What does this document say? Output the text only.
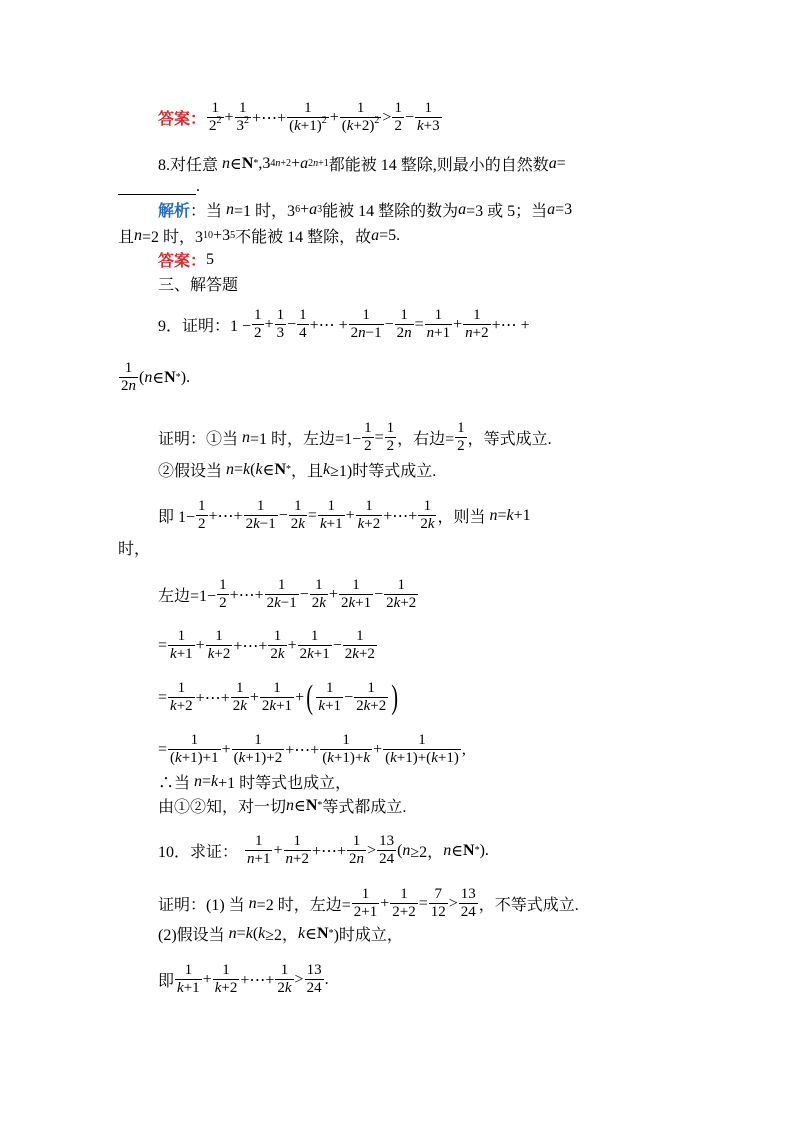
答案：
1
$2^2$ +
1
$3^2$ +⋯+
1
$(k+1)^2$ +
1
$(k+2)^2$ >
1
2
−
1
k+3
8.对任意 n ∈ N * ,3 4n+2 + a 2n+1 都能被 14 整除,则最小的自然数 a =
.
解析 ：当 n =1 时，3 6 + a 3 能被 14 整除的数为 a =3 或 5；当 a =3
且 n =2 时，3 10 +3 5 不能被 14 整除，故 a =5.
答案： 5
三、解答题
9．证明：1 −
1
2
+
1
3
−
1
4 +⋯ +
1
2n−1
−
1
2n
=
1
n+1
+
1
n+2 +⋯ +
1
2n
( n ∈ N * ).
证明：①当 n =1 时，左边=1−
1
2
=
1
2 ，右边=
1
2 ，等式成立.
②假设当 n = k ( k ∈ N * ，且 k ≥1)时等式成立.
即 1−
1
2 +⋯+
1
2k−1
−
1
2k
=
1
k+1
+
1
k+2 +⋯+
1
2k ，则当 n = k +1
时，
左边=1−
1
2 +⋯+
1
2k−1
−
1
2k
+
1
2k+1
−
1
2k+2
=
1
k+1
+
1
k+2 +⋯+
1
2k
+
1
2k+1
−
1
2k+2
=
1
k+2 +⋯+
1
2k
+
1
2k+1
+ ( 1
k+1
−
1
2k+2 )
=
1
(k+1)+1
+
1
(k+1)+2 +⋯+
1
(k+1)+k
+
1
(k+1)+(k+1)
,
∴当 n = k +1 时等式也成立，
由①②知，对一切 n ∈ N * 等式都成立.
10．求证：
1
n+1
+
1
n+2 +⋯+
1
2n
>
13
24
( n ≥2， n ∈ N * ).
证明：(1) 当 n =2 时，左边=
1
2+1
+
1
2+2
=
7
12
>
13
24 ，不等式成立.
(2)假设当 n = k ( k ≥2， k ∈ N * )时成立，
即
1
k+1
+
1
k+2 +⋯+
1
2k
>
13
24
.
